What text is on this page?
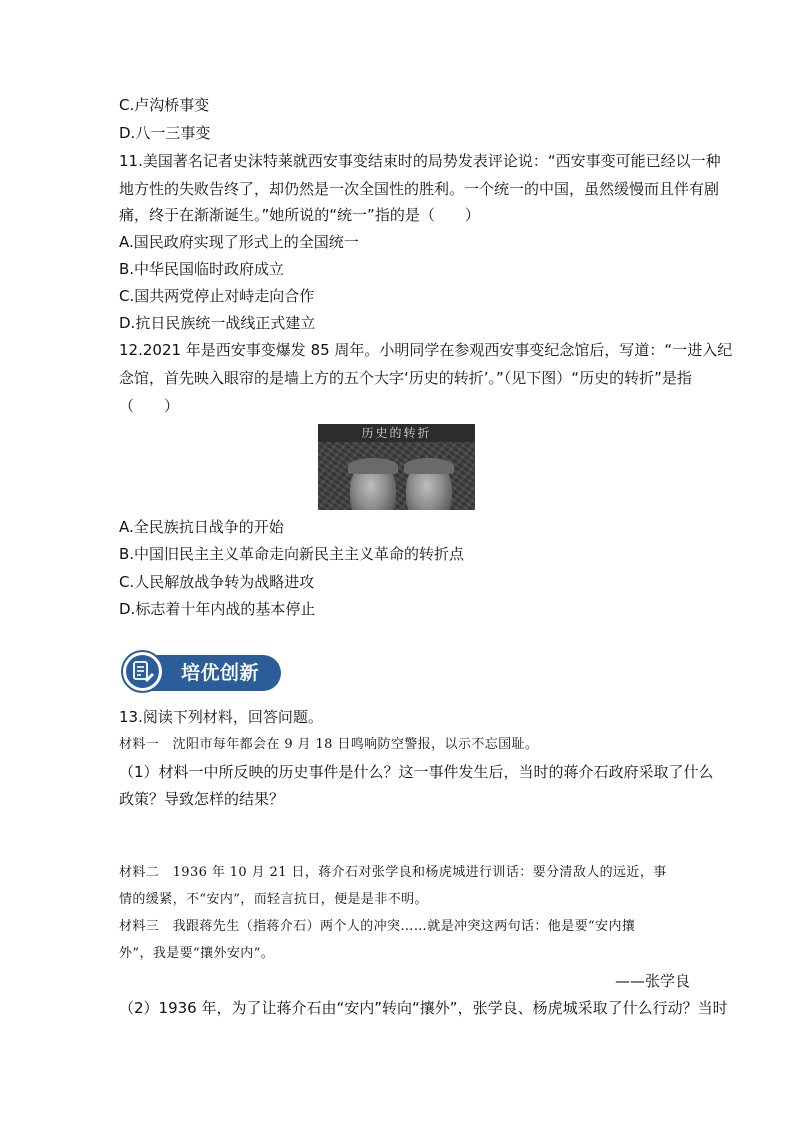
C.卢沟桥事变
D.八一三事变
11.美国著名记者史沫特莱就西安事变结束时的局势发表评论说：“西安事变可能已经以一种
地方性的失败告终了，却仍然是一次全国性的胜利。一个统一的中国，虽然缓慢而且伴有剧
痛，终于在渐渐诞生。”她所说的“统一”指的是（　　）
A.国民政府实现了形式上的全国统一
B.中华民国临时政府成立
C.国共两党停止对峙走向合作
D.抗日民族统一战线正式建立
12.2021 年是西安事变爆发 85 周年。小明同学在参观西安事变纪念馆后，写道：“一进入纪
念馆，首先映入眼帘的是墙上方的五个大字‘历史的转折’。”（见下图）“历史的转折”是指
（　　）
历史的转折
A.全民族抗日战争的开始
B.中国旧民主主义革命走向新民主主义革命的转折点
C.人民解放战争转为战略进攻
D.标志着十年内战的基本停止
培优创新
13.阅读下列材料，回答问题。
材料一　沈阳市每年都会在 9 月 18 日鸣响防空警报，以示不忘国耻。
（1）材料一中所反映的历史事件是什么？这一事件发生后，当时的蒋介石政府采取了什么
政策？导致怎样的结果？
材料二　1936 年 10 月 21 日，蒋介石对张学良和杨虎城进行训话：要分清敌人的远近，事
情的缓紧，不“安内”，而轻言抗日，便是是非不明。
材料三　我跟蒋先生（指蒋介石）两个人的冲突……就是冲突这两句话：他是要“安内攘
外”，我是要“攘外安内”。
——张学良
（2）1936 年，为了让蒋介石由“安内”转向“攘外”，张学良、杨虎城采取了什么行动？当时
